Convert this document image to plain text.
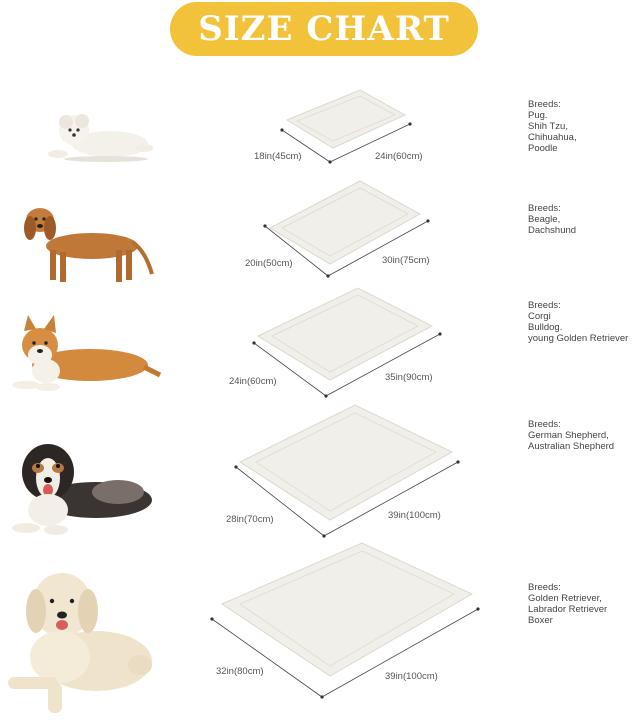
SIZE CHART
18in(45cm)	24in(60cm)
Breeds:
Pug.
Shih Tzu,
Chihuahua,
Poodle
20in(50cm)	30in(75cm)
Breeds:
Beagle,
Dachshund
24in(60cm)	35in(90cm)
Breeds:
Corgi
Bulldog.
young Golden Retriever
28in(70cm)	39in(100cm)
Breeds:
German Shepherd,
Australian Shepherd
32in(80cm)	39in(100cm)
Breeds:
Golden Retriever,
Labrador Retriever
Boxer
